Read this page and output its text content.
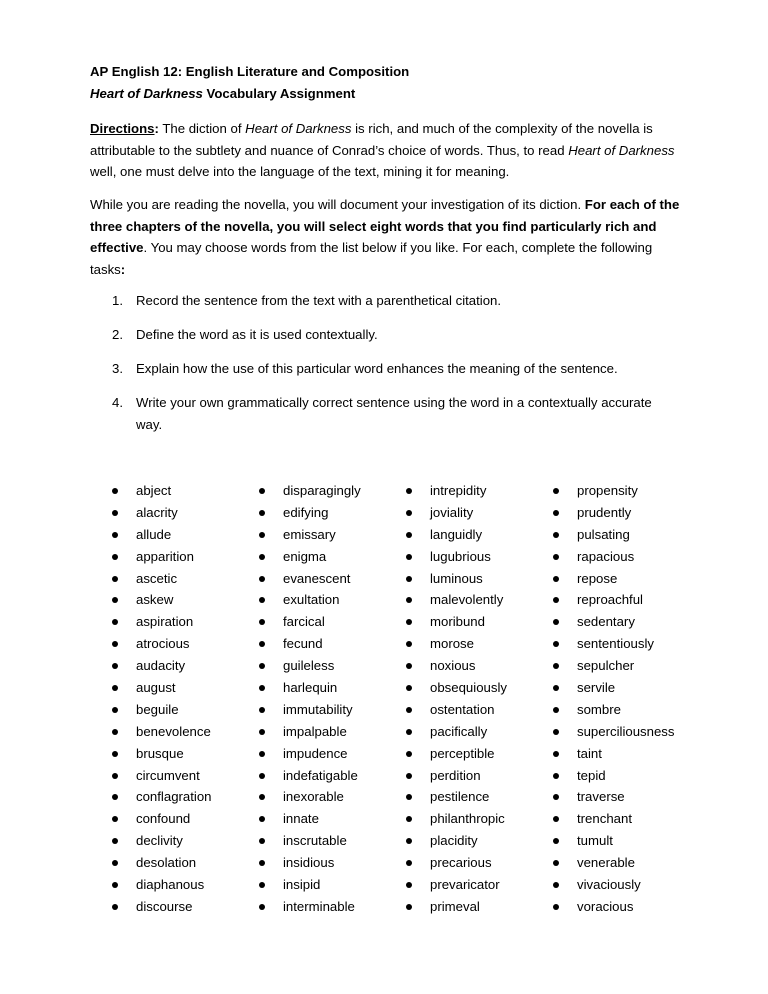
AP English 12: English Literature and Composition
Heart of Darkness Vocabulary Assignment

Directions: The diction of Heart of Darkness is rich, and much of the complexity of the novella is attributable to the subtlety and nuance of Conrad’s choice of words. Thus, to read Heart of Darkness well, one must delve into the language of the text, mining it for meaning.

While you are reading the novella, you will document your investigation of its diction. For each of the three chapters of the novella, you will select eight words that you find particularly rich and effective. You may choose words from the list below if you like. For each, complete the following tasks:

1. Record the sentence from the text with a parenthetical citation.
2. Define the word as it is used contextually.
3. Explain how the use of this particular word enhances the meaning of the sentence.
4. Write your own grammatically correct sentence using the word in a contextually accurate way.
abject
alacrity
allude
apparition
ascetic
askew
aspiration
atrocious
audacity
august
beguile
benevolence
brusque
circumvent
conflagration
confound
declivity
desolation
diaphanous
discourse
disparagingly
edifying
emissary
enigma
evanescent
exultation
farcical
fecund
guileless
harlequin
immutability
impalpable
impudence
indefatigable
inexorable
innate
inscrutable
insidious
insipid
interminable
intrepidity
joviality
languidly
lugubrious
luminous
malevolently
moribund
morose
noxious
obsequiously
ostentation
pacifically
perceptible
perdition
pestilence
philanthropic
placidity
precarious
prevaricator
primeval
propensity
prudently
pulsating
rapacious
repose
reproachful
sedentary
sententiously
sepulcher
servile
sombre
superciliousness
taint
tepid
traverse
trenchant
tumult
venerable
vivaciously
voracious
